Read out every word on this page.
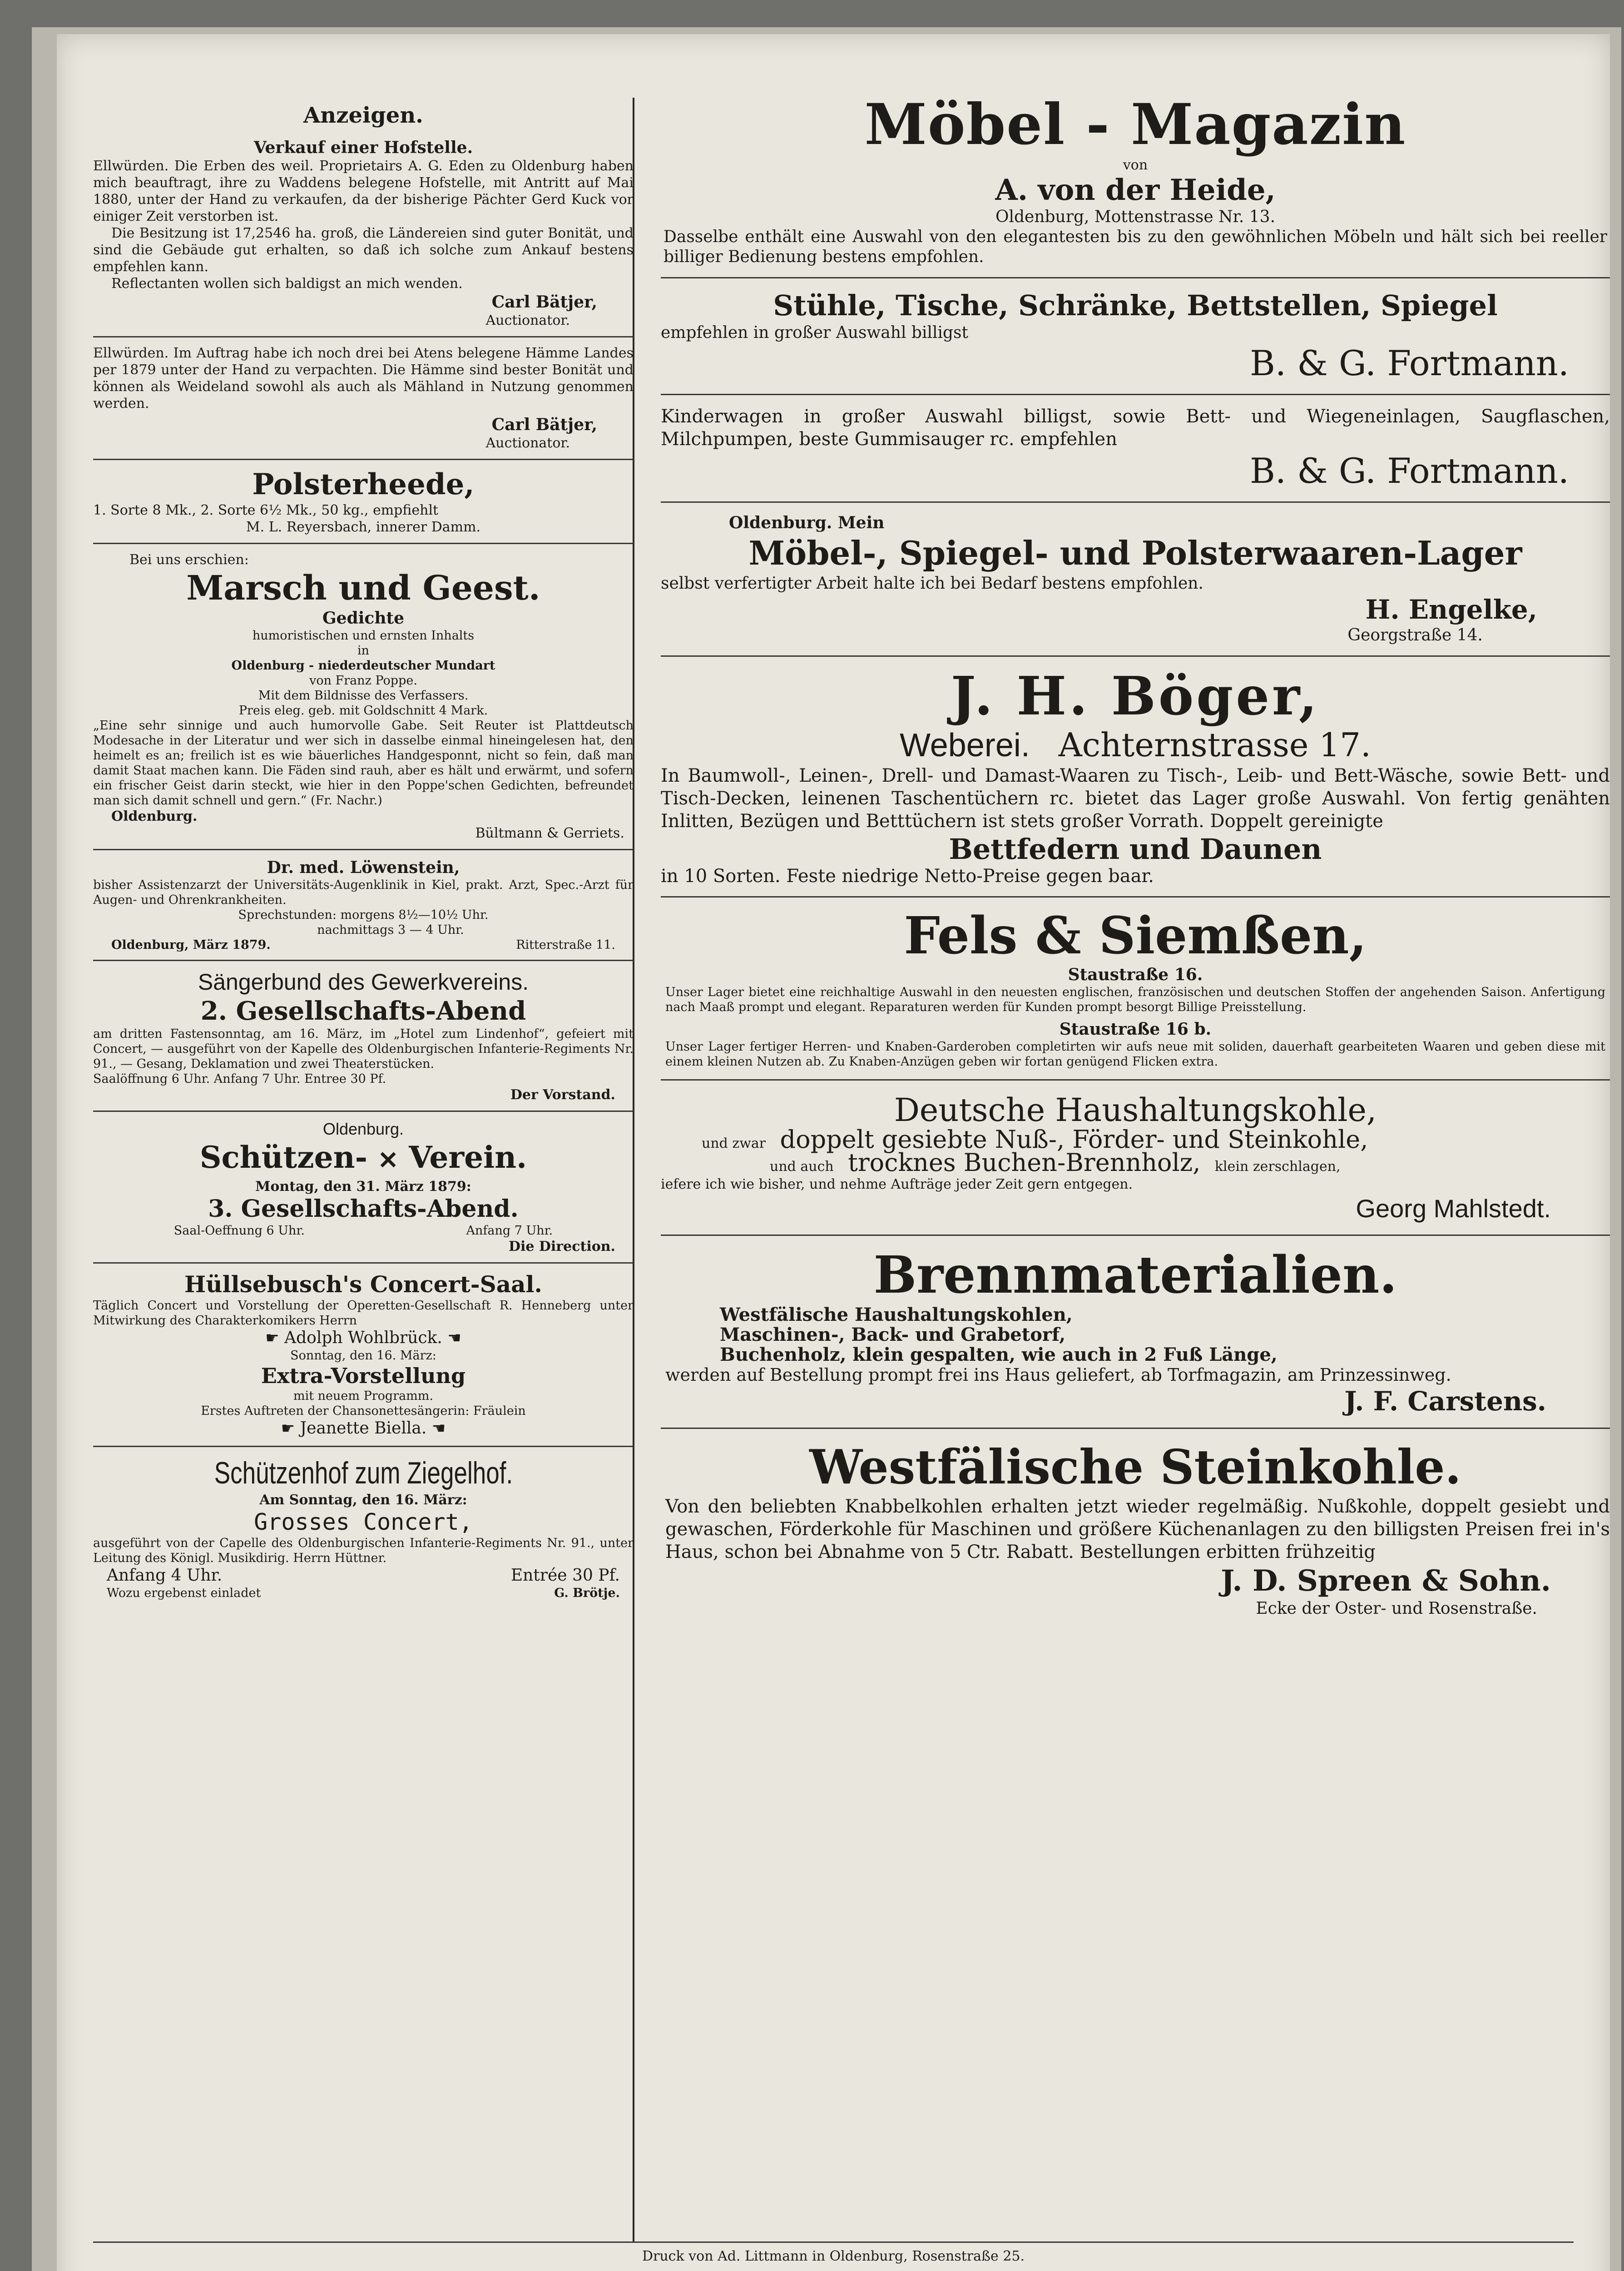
Anzeigen.

Verkauf einer Hofstelle.

Ellwürden. Die Erben des weil. Proprietairs A. G. Eden zu Oldenburg haben mich beauftragt, ihre zu Waddens belegene Hofstelle, mit Antritt auf Mai 1880, unter der Hand zu verkaufen, da der bisherige Pächter Gerd Kuck vor einiger Zeit verstorben ist.

Die Besitzung ist 17,2546 ha. groß, die Ländereien sind guter Bonität, und sind die Gebäude gut erhalten, so daß ich solche zum Ankauf bestens empfehlen kann.

Reflectanten wollen sich baldigst an mich wenden.

Carl Bätjer,

Auctionator.

Ellwürden. Im Auftrag habe ich noch drei bei Atens belegene Hämme Landes per 1879 unter der Hand zu verpachten. Die Hämme sind bester Bonität und können als Weideland sowohl als auch als Mähland in Nutzung genommen werden.

Carl Bätjer,

Auctionator.

Polsterheede,

1. Sorte 8 Mk., 2. Sorte 6½ Mk., 50 kg., empfiehlt

M. L. Reyersbach, innerer Damm.

Bei uns erschien:

Marsch und Geest.

Gedichte

humoristischen und ernsten Inhalts

in

Oldenburg - niederdeutscher Mundart

von Franz Poppe.

Mit dem Bildnisse des Verfassers.

Preis eleg. geb. mit Goldschnitt 4 Mark.

„Eine sehr sinnige und auch humorvolle Gabe. Seit Reuter ist Plattdeutsch Modesache in der Literatur und wer sich in dasselbe einmal hineingelesen hat, den heimelt es an; freilich ist es wie bäuerliches Handgesponnt, nicht so fein, daß man damit Staat machen kann. Die Fäden sind rauh, aber es hält und erwärmt, und sofern ein frischer Geist darin steckt, wie hier in den Poppe'schen Gedichten, befreundet man sich damit schnell und gern.“ (Fr. Nachr.)

Oldenburg.

Bültmann & Gerriets.

Dr. med. Löwenstein,

bisher Assistenzarzt der Universitäts-Augenklinik in Kiel, prakt. Arzt, Spec.-Arzt für Augen- und Ohrenkrankheiten.

Sprechstunden: morgens 8½—10½ Uhr.

nachmittags 3 — 4 Uhr.

Oldenburg, März 1879.	Ritterstraße 11.

Sängerbund des Gewerkvereins.

2. Gesellschafts-Abend

am dritten Fastensonntag, am 16. März, im „Hotel zum Lindenhof“, gefeiert mit Concert, — ausgeführt von der Kapelle des Oldenburgischen Infanterie-Regiments Nr. 91., — Gesang, Deklamation und zwei Theaterstücken.

Saalöffnung 6 Uhr. Anfang 7 Uhr. Entree 30 Pf.

Der Vorstand.

Oldenburg.

Schützen- ✕ Verein.

Montag, den 31. März 1879:

3. Gesellschafts-Abend.

Saal-Oeffnung 6 Uhr.	Anfang 7 Uhr.

Die Direction.

Hüllsebusch's Concert-Saal.

Täglich Concert und Vorstellung der Operetten-Gesellschaft R. Henneberg unter Mitwirkung des Charakterkomikers Herrn

☛ Adolph Wohlbrück. ☚

Sonntag, den 16. März:

Extra-Vorstellung

mit neuem Programm.

Erstes Auftreten der Chansonettesängerin: Fräulein

☛ Jeanette Biella. ☚

Schützenhof zum Ziegelhof.

Am Sonntag, den 16. März:

Grosses Concert,

ausgeführt von der Capelle des Oldenburgischen Infanterie-Regiments Nr. 91., unter Leitung des Königl. Musikdirig. Herrn Hüttner.

Anfang 4 Uhr.	Entrée 30 Pf.

Wozu ergebenst einladet	G. Brötje.

Möbel - Magazin

von

A. von der Heide,

Oldenburg, Mottenstrasse Nr. 13.

Dasselbe enthält eine Auswahl von den elegantesten bis zu den gewöhnlichen Möbeln und hält sich bei reeller billiger Bedienung bestens empfohlen.

Stühle, Tische, Schränke, Bettstellen, Spiegel

empfehlen in großer Auswahl billigst

B. & G. Fortmann.

Kinderwagen in großer Auswahl billigst, sowie Bett- und Wiegeneinlagen, Saugflaschen, Milchpumpen, beste Gummisauger rc. empfehlen

B. & G. Fortmann.

Oldenburg. Mein

Möbel-, Spiegel- und Polsterwaaren-Lager

selbst verfertigter Arbeit halte ich bei Bedarf bestens empfohlen.

H. Engelke,

Georgstraße 14.

J. H. Böger,

Weberei. Achternstrasse 17.

In Baumwoll-, Leinen-, Drell- und Damast-Waaren zu Tisch-, Leib- und Bett-Wäsche, sowie Bett- und Tisch-Decken, leinenen Taschentüchern rc. bietet das Lager große Auswahl. Von fertig genähten Inlitten, Bezügen und Betttüchern ist stets großer Vorrath. Doppelt gereinigte

Bettfedern und Daunen

in 10 Sorten. Feste niedrige Netto-Preise gegen baar.

Fels & Siemßen,

Staustraße 16.

Unser Lager bietet eine reichhaltige Auswahl in den neuesten englischen, französischen und deutschen Stoffen der angehenden Saison. Anfertigung nach Maaß prompt und elegant. Reparaturen werden für Kunden prompt besorgt Billige Preisstellung.

Staustraße 16 b.

Unser Lager fertiger Herren- und Knaben-Garderoben completirten wir aufs neue mit soliden, dauerhaft gearbeiteten Waaren und geben diese mit einem kleinen Nutzen ab. Zu Knaben-Anzügen geben wir fortan genügend Flicken extra.

Deutsche Haushaltungskohle,

und zwar doppelt gesiebte Nuß-, Förder- und Steinkohle,

und auch trocknes Buchen-Brennholz, klein zerschlagen,

iefere ich wie bisher, und nehme Aufträge jeder Zeit gern entgegen.

Georg Mahlstedt.

Brennmaterialien.

Westfälische Haushaltungskohlen,

Maschinen-, Back- und Grabetorf,

Buchenholz, klein gespalten, wie auch in 2 Fuß Länge,

werden auf Bestellung prompt frei ins Haus geliefert, ab Torfmagazin, am Prinzessinweg.

J. F. Carstens.

Westfälische Steinkohle.

Von den beliebten Knabbelkohlen erhalten jetzt wieder regelmäßig. Nußkohle, doppelt gesiebt und gewaschen, Förderkohle für Maschinen und größere Küchenanlagen zu den billigsten Preisen frei in's Haus, schon bei Abnahme von 5 Ctr. Rabatt. Bestellungen erbitten frühzeitig

J. D. Spreen & Sohn.

Ecke der Oster- und Rosenstraße.

Druck von Ad. Littmann in Oldenburg, Rosenstraße 25.
